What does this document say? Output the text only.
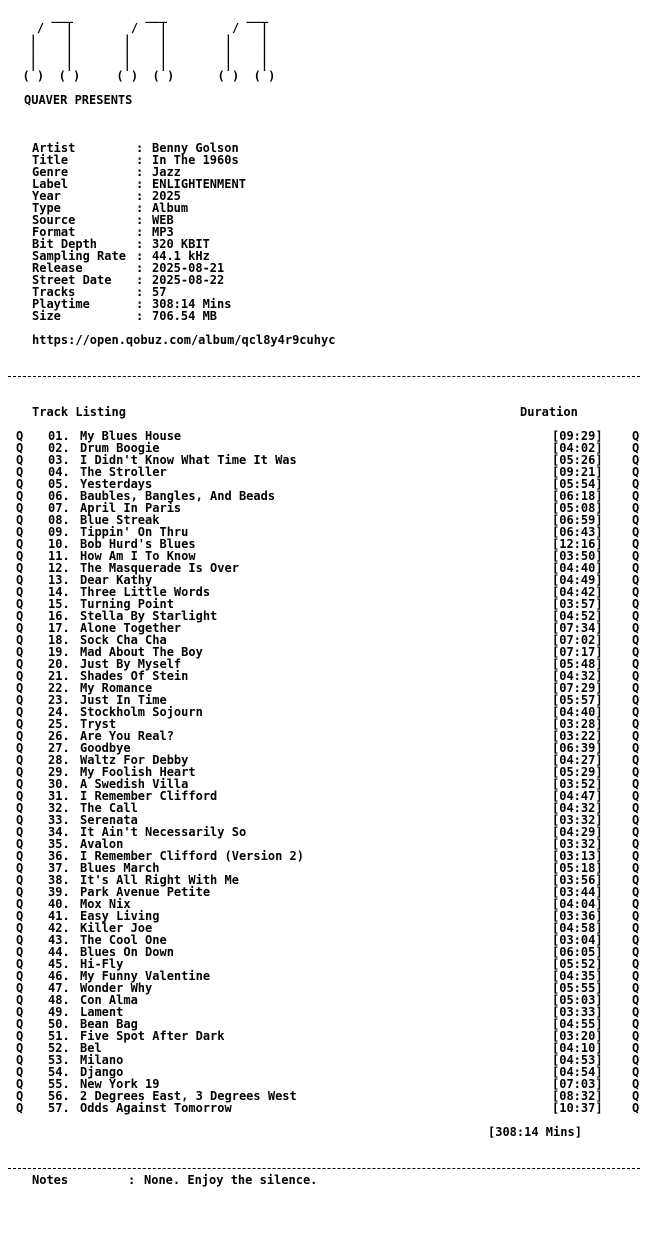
___          ___           ___
/   |        /   |         /   |
|    |       |    |        |    |
|    |       |    |        |    |
|    |       |    |        |    |
( )  ( )     ( )  ( )      ( )  ( )
QUAVER PRESENTS
Artist	: Benny Golson
Title	: In The 1960s
Genre	: Jazz
Label	: ENLIGHTENMENT
Year	: 2025
Type	: Album
Source	: WEB
Format	: MP3
Bit Depth	: 320 KBIT
Sampling Rate : 44.1 kHz
Release	: 2025-08-21
Street Date : 2025-08-22
Tracks	: 57
Playtime	: 308:14 Mins
Size	: 706.54 MB
https://open.qobuz.com/album/qcl8y4r9cuhyc
Track Listing	Duration
Q 01. My Blues House	[09:29] Q
Q 02. Drum Boogie	[04:02] Q
Q 03. I Didn't Know What Time It Was	[05:26] Q
Q 04. The Stroller	[09:21] Q
Q 05. Yesterdays	[05:54] Q
Q 06. Baubles, Bangles, And Beads	[06:18] Q
Q 07. April In Paris	[05:08] Q
Q 08. Blue Streak	[06:59] Q
Q 09. Tippin' On Thru	[06:43] Q
Q 10. Bob Hurd's Blues	[12:16] Q
Q 11. How Am I To Know	[03:50] Q
Q 12. The Masquerade Is Over	[04:40] Q
Q 13. Dear Kathy	[04:49] Q
Q 14. Three Little Words	[04:42] Q
Q 15. Turning Point	[03:57] Q
Q 16. Stella By Starlight	[04:52] Q
Q 17. Alone Together	[07:34] Q
Q 18. Sock Cha Cha	[07:02] Q
Q 19. Mad About The Boy	[07:17] Q
Q 20. Just By Myself	[05:48] Q
Q 21. Shades Of Stein	[04:32] Q
Q 22. My Romance	[07:29] Q
Q 23. Just In Time	[05:57] Q
Q 24. Stockholm Sojourn	[04:40] Q
Q 25. Tryst	[03:28] Q
Q 26. Are You Real?	[03:22] Q
Q 27. Goodbye	[06:39] Q
Q 28. Waltz For Debby	[04:27] Q
Q 29. My Foolish Heart	[05:29] Q
Q 30. A Swedish Villa	[03:52] Q
Q 31. I Remember Clifford	[04:47] Q
Q 32. The Call	[04:32] Q
Q 33. Serenata	[03:32] Q
Q 34. It Ain't Necessarily So	[04:29] Q
Q 35. Avalon	[03:32] Q
Q 36. I Remember Clifford (Version 2)	[03:13] Q
Q 37. Blues March	[05:18] Q
Q 38. It's All Right With Me	[03:56] Q
Q 39. Park Avenue Petite	[03:44] Q
Q 40. Mox Nix	[04:04] Q
Q 41. Easy Living	[03:36] Q
Q 42. Killer Joe	[04:58] Q
Q 43. The Cool One	[03:04] Q
Q 44. Blues On Down	[06:05] Q
Q 45. Hi-Fly	[05:52] Q
Q 46. My Funny Valentine	[04:35] Q
Q 47. Wonder Why	[05:55] Q
Q 48. Con Alma	[05:03] Q
Q 49. Lament	[03:33] Q
Q 50. Bean Bag	[04:55] Q
Q 51. Five Spot After Dark	[03:20] Q
Q 52. Bel	[04:10] Q
Q 53. Milano	[04:53] Q
Q 54. Django	[04:54] Q
Q 55. New York 19	[07:03] Q
Q 56. 2 Degrees East, 3 Degrees West	[08:32] Q
Q 57. Odds Against Tomorrow	[10:37] Q
[308:14 Mins]
Notes	: None. Enjoy the silence.
